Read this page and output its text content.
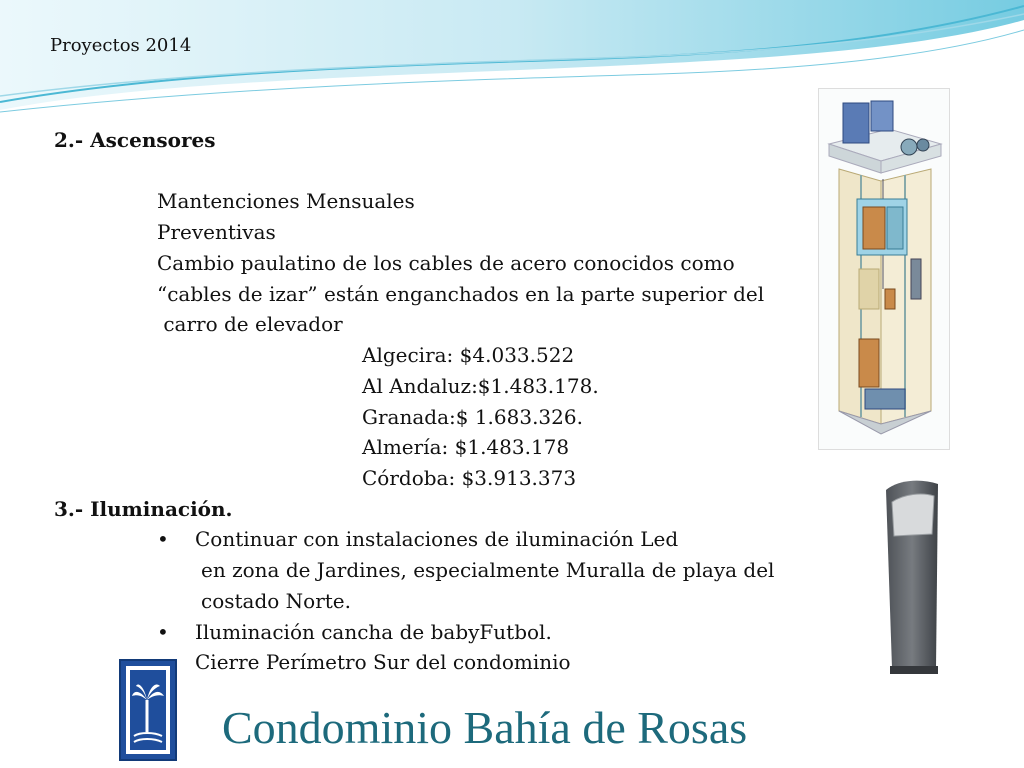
Proyectos 2014
2.- Ascensores
Mantenciones Mensuales
Preventivas
Cambio paulatino de los cables de acero conocidos como
“cables de izar” están enganchados en la parte superior del
carro de elevador
Algecira: $4.033.522
Al Andaluz:$1.483.178.
Granada:$ 1.683.326.
Almería: $1.483.178
Córdoba: $3.913.373
3.- Iluminación.
• Continuar con instalaciones de iluminación Led
en zona de Jardines, especialmente Muralla de playa del
costado Norte.
• Iluminación cancha de babyFutbol.
Cierre Perímetro Sur del condominio
Condominio Bahía de Rosas
